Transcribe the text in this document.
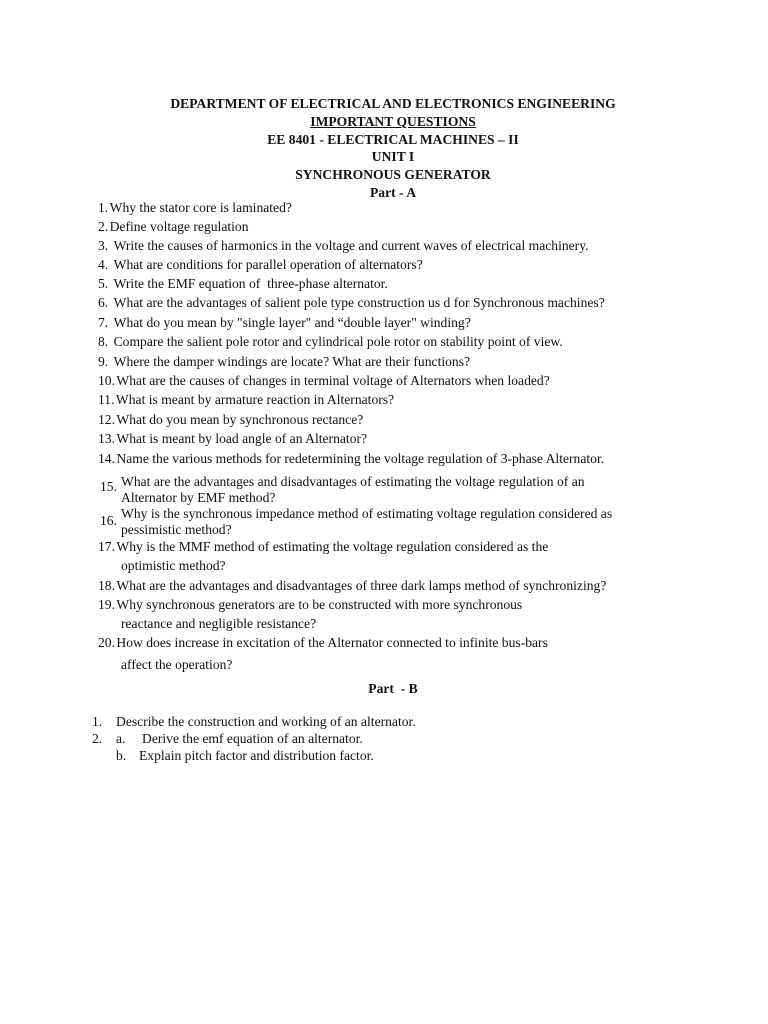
DEPARTMENT OF ELECTRICAL AND ELECTRONICS ENGINEERING
IMPORTANT QUESTIONS
EE 8401 - ELECTRICAL MACHINES – II
UNIT I
SYNCHRONOUS GENERATOR
Part - A
1. Why the stator core is laminated?
2. Define voltage regulation
3. Write the causes of harmonics in the voltage and current waves of electrical machinery.
4. What are conditions for parallel operation of alternators?
5. Write the EMF equation of  three-phase alternator.
6. What are the advantages of salient pole type construction us d for Synchronous machines?
7. What do you mean by "single layer" and “double layer" winding?
8. Compare the salient pole rotor and cylindrical pole rotor on stability point of view.
9. Where the damper windings are locate? What are their functions?
10. What are the causes of changes in terminal voltage of Alternators when loaded?
11. What is meant by armature reaction in Alternators?
12. What do you mean by synchronous rectance?
13. What is meant by load angle of an Alternator?
14. Name the various methods for redetermining the voltage regulation of 3-phase Alternator.
15. What are the advantages and disadvantages of estimating the voltage regulation of an
Alternator by EMF method?
16. Why is the synchronous impedance method of estimating voltage regulation considered as
pessimistic method?
17. Why is the MMF method of estimating the voltage regulation considered as the
optimistic method?
18. What are the advantages and disadvantages of three dark lamps method of synchronizing?
19. Why synchronous generators are to be constructed with more synchronous
reactance and negligible resistance?
20. How does increase in excitation of the Alternator connected to infinite bus-bars
affect the operation?
Part  - B
1. Describe the construction and working of an alternator.
2. a. Derive the emf equation of an alternator.
b. Explain pitch factor and distribution factor.
